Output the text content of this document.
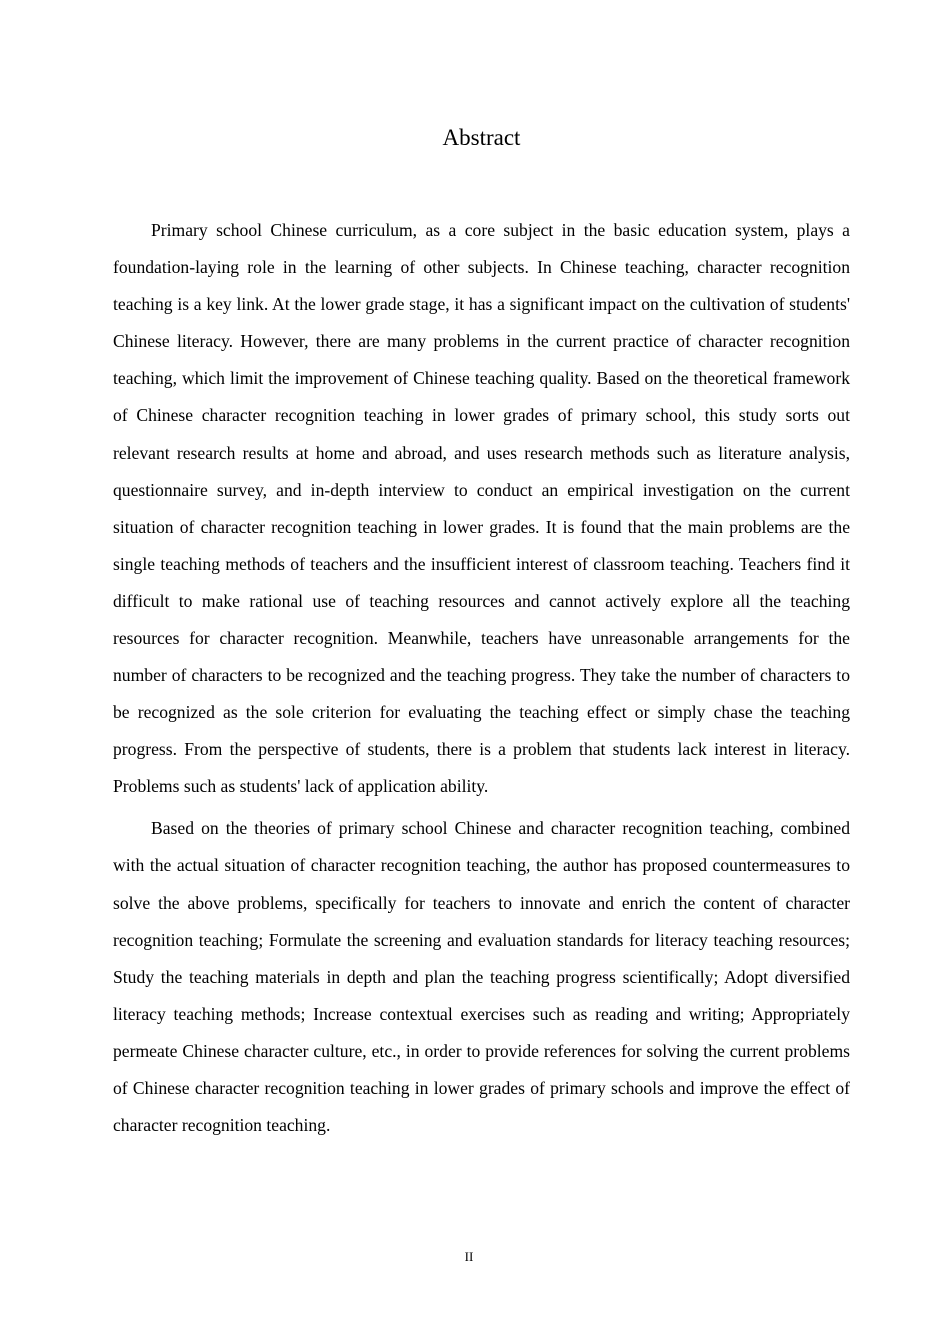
Abstract

Primary school Chinese curriculum, as a core subject in the basic education system, plays a foundation-laying role in the learning of other subjects. In Chinese teaching, character recognition teaching is a key link. At the lower grade stage, it has a significant impact on the cultivation of students' Chinese literacy. However, there are many problems in the current practice of character recognition teaching, which limit the improvement of Chinese teaching quality. Based on the theoretical framework of Chinese character recognition teaching in lower grades of primary school, this study sorts out relevant research results at home and abroad, and uses research methods such as literature analysis, questionnaire survey, and in-depth interview to conduct an empirical investigation on the current situation of character recognition teaching in lower grades. It is found that the main problems are the single teaching methods of teachers and the insufficient interest of classroom teaching. Teachers find it difficult to make rational use of teaching resources and cannot actively explore all the teaching resources for character recognition. Meanwhile, teachers have unreasonable arrangements for the number of characters to be recognized and the teaching progress. They take the number of characters to be recognized as the sole criterion for evaluating the teaching effect or simply chase the teaching progress. From the perspective of students, there is a problem that students lack interest in literacy. Problems such as students' lack of application ability.

Based on the theories of primary school Chinese and character recognition teaching, combined with the actual situation of character recognition teaching, the author has proposed countermeasures to solve the above problems, specifically for teachers to innovate and enrich the content of character recognition teaching; Formulate the screening and evaluation standards for literacy teaching resources; Study the teaching materials in depth and plan the teaching progress scientifically; Adopt diversified literacy teaching methods; Increase contextual exercises such as reading and writing; Appropriately permeate Chinese character culture, etc., in order to provide references for solving the current problems of Chinese character recognition teaching in lower grades of primary schools and improve the effect of character recognition teaching.

II
